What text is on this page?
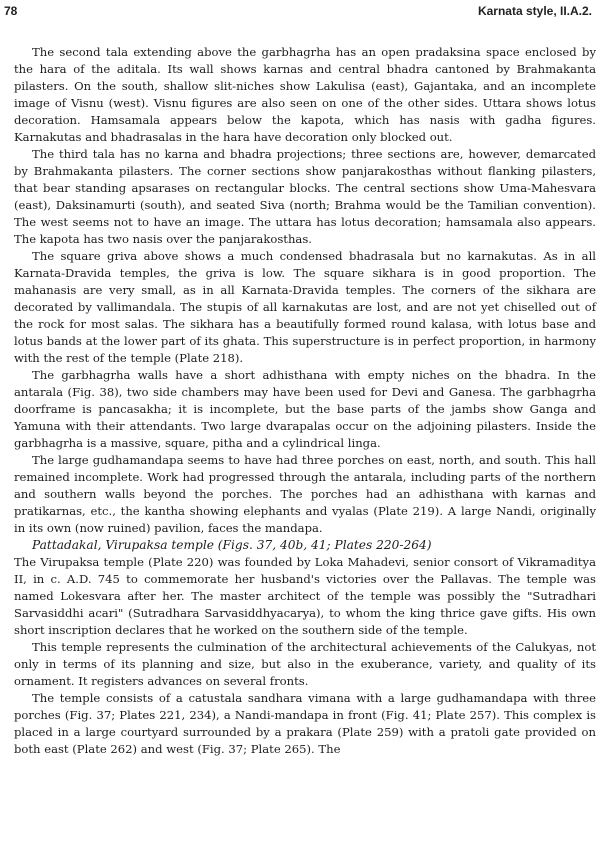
78	Karnata style, II.A.2.

The second tala extending above the garbhagrha has an open pradaksina space enclosed by the hara of the aditala. Its wall shows karnas and central bhadra cantoned by Brahmakanta pilasters. On the south, shallow slit-niches show Lakulisa (east), Gajantaka, and an incomplete image of Visnu (west). Visnu figures are also seen on one of the other sides. Uttara shows lotus decoration. Hamsamala appears below the kapota, which has nasis with gadha figures. Karnakutas and bhadrasalas in the hara have decoration only blocked out.

The third tala has no karna and bhadra projections; three sections are, however, demarcated by Brahmakanta pilasters. The corner sections show panjarakosthas without flanking pilasters, that bear standing apsarases on rectangular blocks. The central sections show Uma-Mahesvara (east), Daksinamurti (south), and seated Siva (north; Brahma would be the Tamilian convention). The west seems not to have an image. The uttara has lotus decoration; hamsamala also appears. The kapota has two nasis over the panjarakosthas.

The square griva above shows a much condensed bhadrasala but no karnakutas. As in all Karnata-Dravida temples, the griva is low. The square sikhara is in good proportion. The mahanasis are very small, as in all Karnata-Dravida temples. The corners of the sikhara are decorated by vallimandala. The stupis of all karnakutas are lost, and are not yet chiselled out of the rock for most salas. The sikhara has a beautifully formed round kalasa, with lotus base and lotus bands at the lower part of its ghata. This superstructure is in perfect proportion, in harmony with the rest of the temple (Plate 218).

The garbhagrha walls have a short adhisthana with empty niches on the bhadra. In the antarala (Fig. 38), two side chambers may have been used for Devi and Ganesa. The garbhagrha doorframe is pancasakha; it is incomplete, but the base parts of the jambs show Ganga and Yamuna with their attendants. Two large dvarapalas occur on the adjoining pilasters. Inside the garbhagrha is a massive, square, pitha and a cylindrical linga.

The large gudhamandapa seems to have had three porches on east, north, and south. This hall remained incomplete. Work had progressed through the antarala, including parts of the northern and southern walls beyond the porches. The porches had an adhisthana with karnas and pratikarnas, etc., the kantha showing elephants and vyalas (Plate 219). A large Nandi, originally in its own (now ruined) pavilion, faces the mandapa.

Pattadakal, Virupaksa temple (Figs. 37, 40b, 41; Plates 220-264)

The Virupaksa temple (Plate 220) was founded by Loka Mahadevi, senior consort of Vikramaditya II, in c. A.D. 745 to commemorate her husband's victories over the Pallavas. The temple was named Lokesvara after her. The master architect of the temple was possibly the "Sutradhari Sarvasiddhi acari" (Sutradhara Sarvasiddhyacarya), to whom the king thrice gave gifts. His own short inscription declares that he worked on the southern side of the temple.

This temple represents the culmination of the architectural achievements of the Calukyas, not only in terms of its planning and size, but also in the exuberance, variety, and quality of its ornament. It registers advances on several fronts.

The temple consists of a catustala sandhara vimana with a large gudhamandapa with three porches (Fig. 37; Plates 221, 234), a Nandi-mandapa in front (Fig. 41; Plate 257). This complex is placed in a large courtyard surrounded by a prakara (Plate 259) with a pratoli gate provided on both east (Plate 262) and west (Fig. 37; Plate 265). The
